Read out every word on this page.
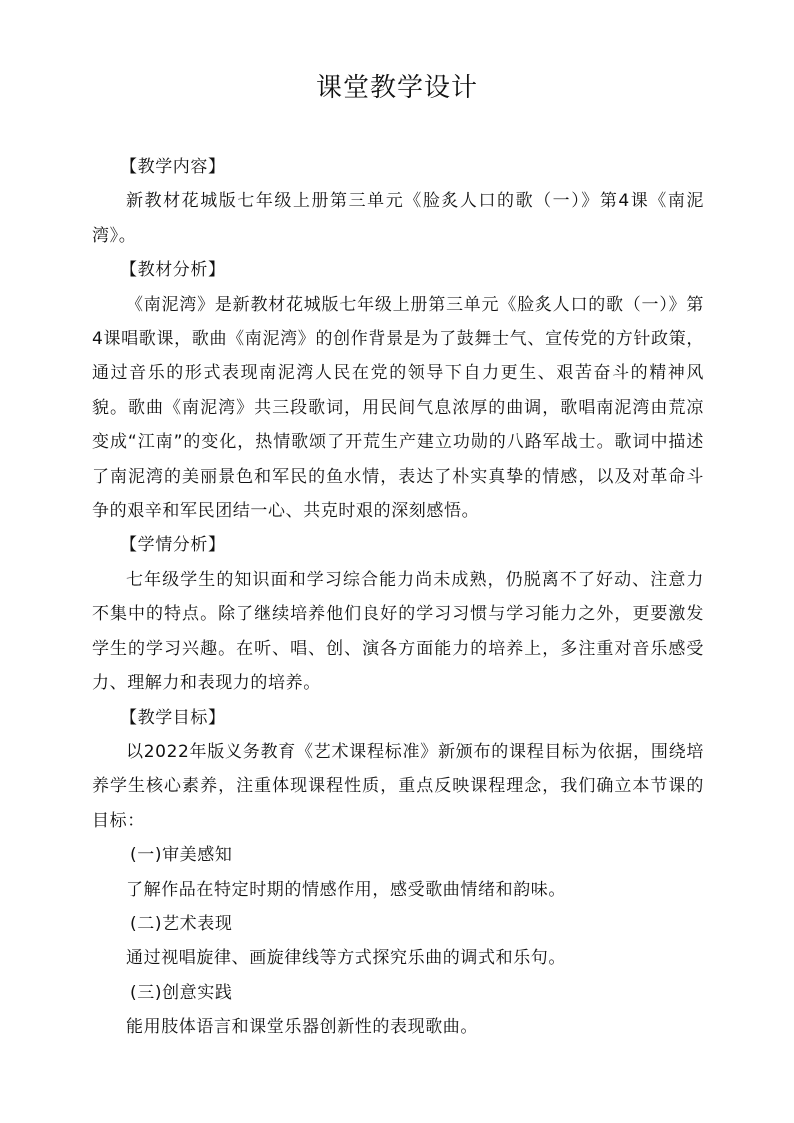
课堂教学设计

【教学内容】

新教材花城版七年级上册第三单元《脸炙人口的歌（一）》第4课《南泥湾》。

【教材分析】

《南泥湾》是新教材花城版七年级上册第三单元《脸炙人口的歌（一）》第4课唱歌课，歌曲《南泥湾》的创作背景是为了鼓舞士气、宣传党的方针政策，通过音乐的形式表现南泥湾人民在党的领导下自力更生、艰苦奋斗的精神风貌。歌曲《南泥湾》共三段歌词，用民间气息浓厚的曲调，歌唱南泥湾由荒凉变成“江南”的变化，热情歌颂了开荒生产建立功勋的八路军战士。歌词中描述了南泥湾的美丽景色和军民的鱼水情，表达了朴实真挚的情感，以及对革命斗争的艰辛和军民团结一心、共克时艰的深刻感悟。

【学情分析】

七年级学生的知识面和学习综合能力尚未成熟，仍脱离不了好动、注意力不集中的特点。除了继续培养他们良好的学习习惯与学习能力之外，更要激发学生的学习兴趣。在听、唱、创、演各方面能力的培养上，多注重对音乐感受力、理解力和表现力的培养。

【教学目标】

以2022年版义务教育《艺术课程标准》新颁布的课程目标为依据，围绕培养学生核心素养，注重体现课程性质，重点反映课程理念，我们确立本节课的目标：

(一)审美感知

了解作品在特定时期的情感作用，感受歌曲情绪和韵味。

(二)艺术表现

通过视唱旋律、画旋律线等方式探究乐曲的调式和乐句。

(三)创意实践

能用肢体语言和课堂乐器创新性的表现歌曲。
